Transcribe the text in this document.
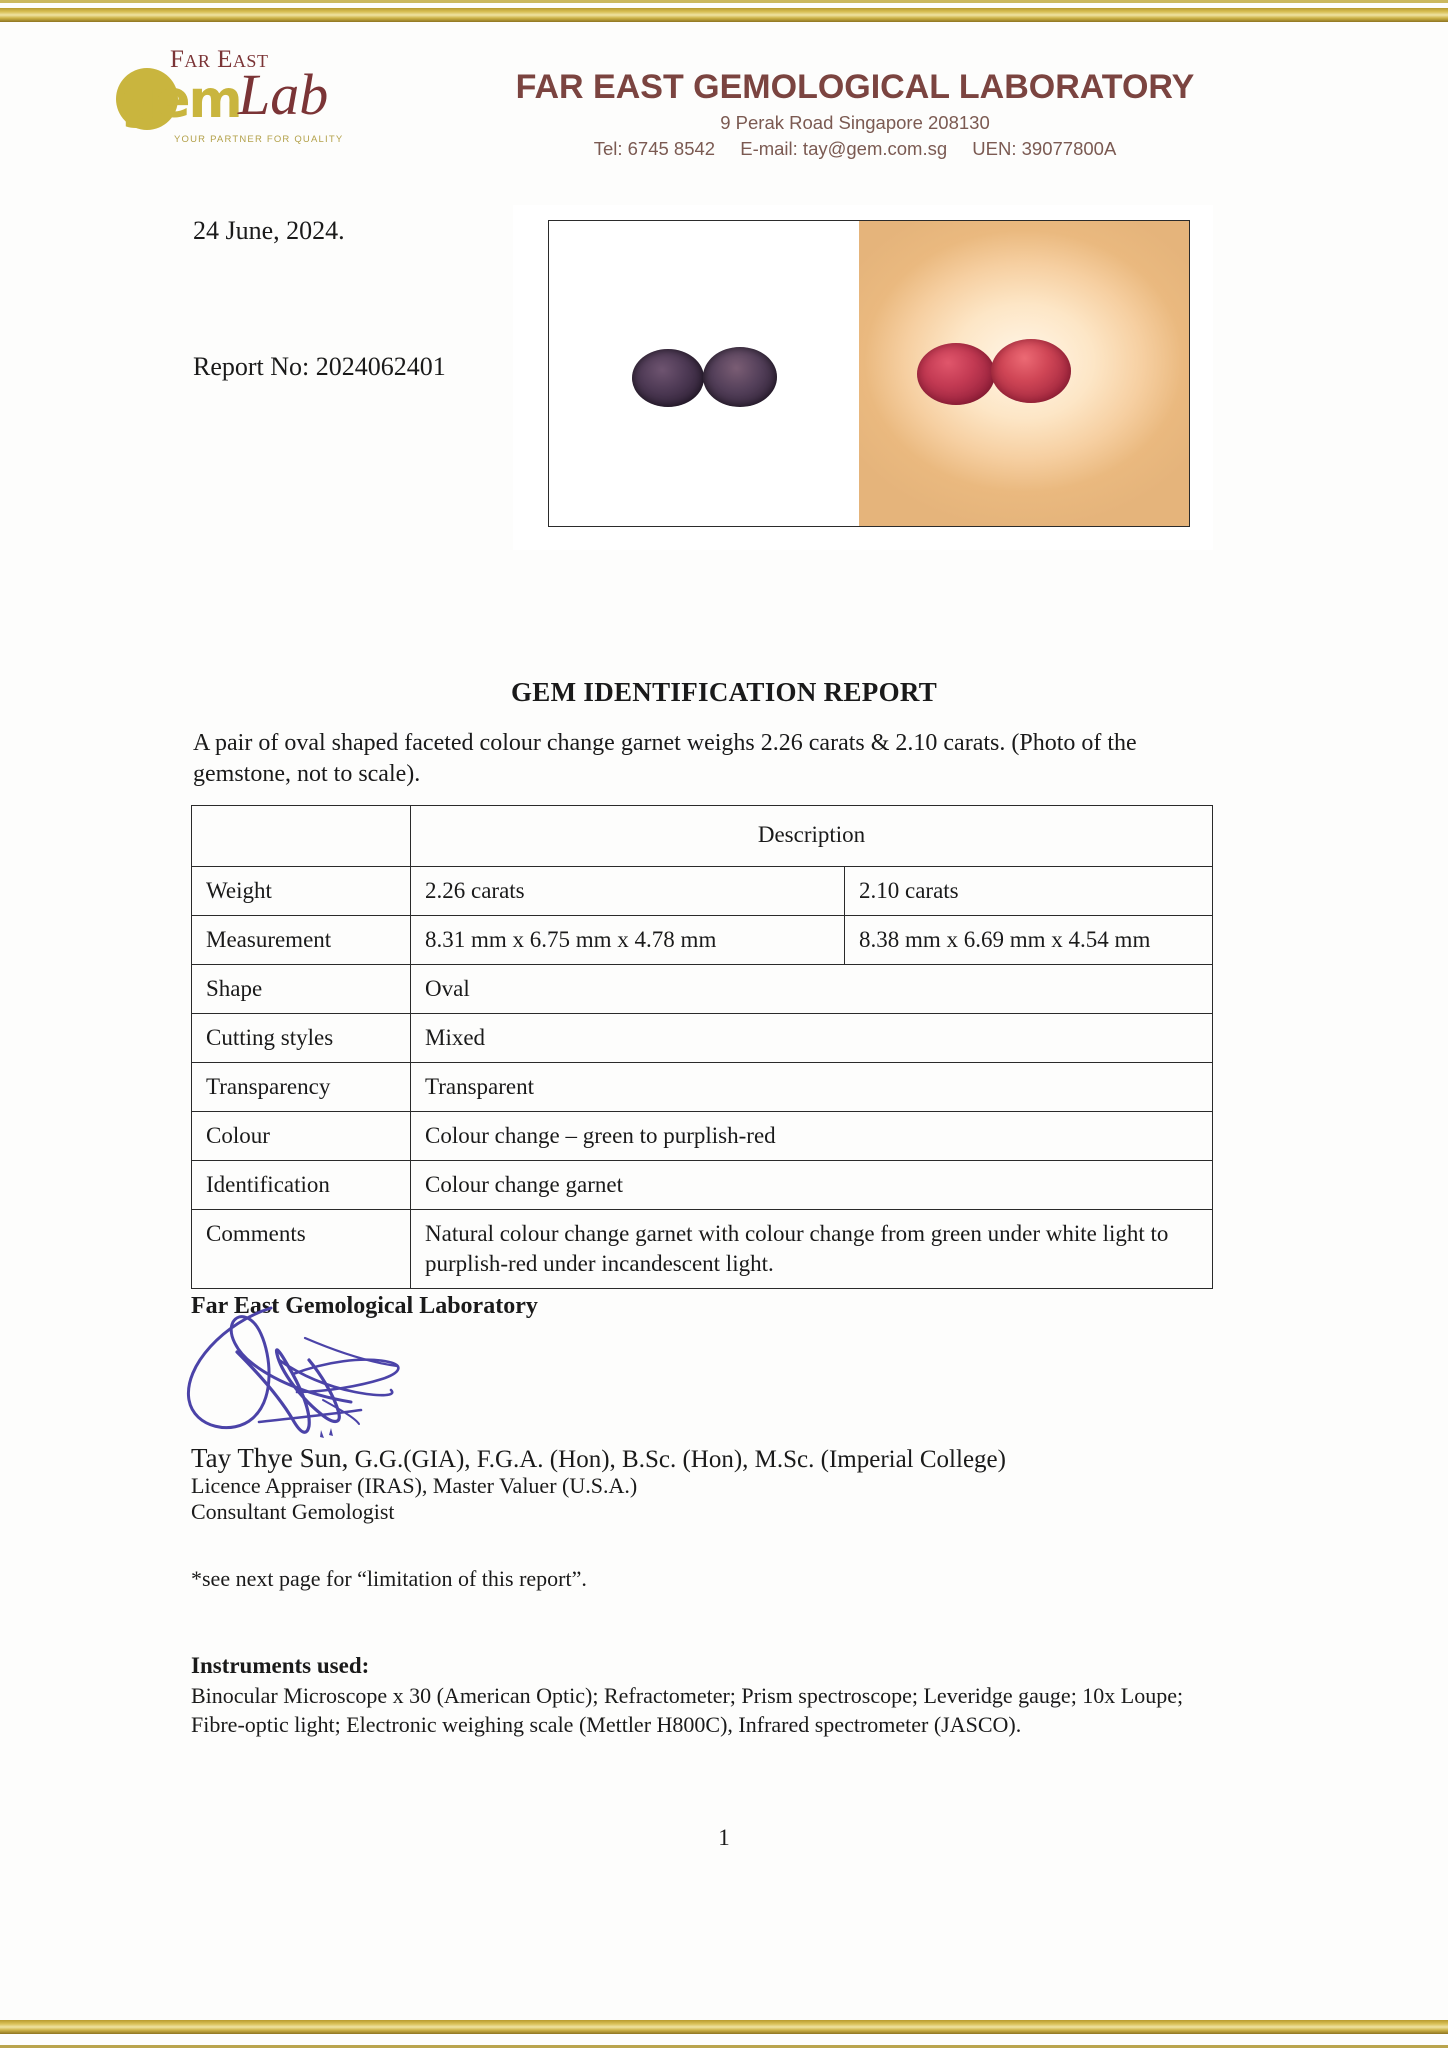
Far East
gem
Lab
YOUR PARTNER FOR QUALITY
FAR EAST GEMOLOGICAL LABORATORY
9 Perak Road Singapore 208130
Tel: 6745 8542 E-mail: tay@gem.com.sg UEN: 39077800A
24 June, 2024.
Report No: 2024062401
GEM IDENTIFICATION REPORT
A pair of oval shaped faceted colour change garnet weighs 2.26 carats & 2.10 carats. (Photo of the gemstone, not to scale).
	Description	
Weight	2.26 carats	2.10 carats
Measurement	8.31 mm x 6.75 mm x 4.78 mm	8.38 mm x 6.69 mm x 4.54 mm
Shape	Oval	
Cutting styles	Mixed	
Transparency	Transparent	
Colour	Colour change – green to purplish-red	
Identification	Colour change garnet	
Comments	Natural colour change garnet with colour change from green under white light to purplish-red under incandescent light.	
Far East Gemological Laboratory
Tay Thye Sun, G.G.(GIA), F.G.A. (Hon), B.Sc. (Hon), M.Sc. (Imperial College)
Licence Appraiser (IRAS), Master Valuer (U.S.A.)
Consultant Gemologist
*see next page for “limitation of this report”.
Instruments used:
Binocular Microscope x 30 (American Optic); Refractometer; Prism spectroscope; Leveridge gauge; 10x Loupe; Fibre-optic light; Electronic weighing scale (Mettler H800C), Infrared spectrometer (JASCO).
1
